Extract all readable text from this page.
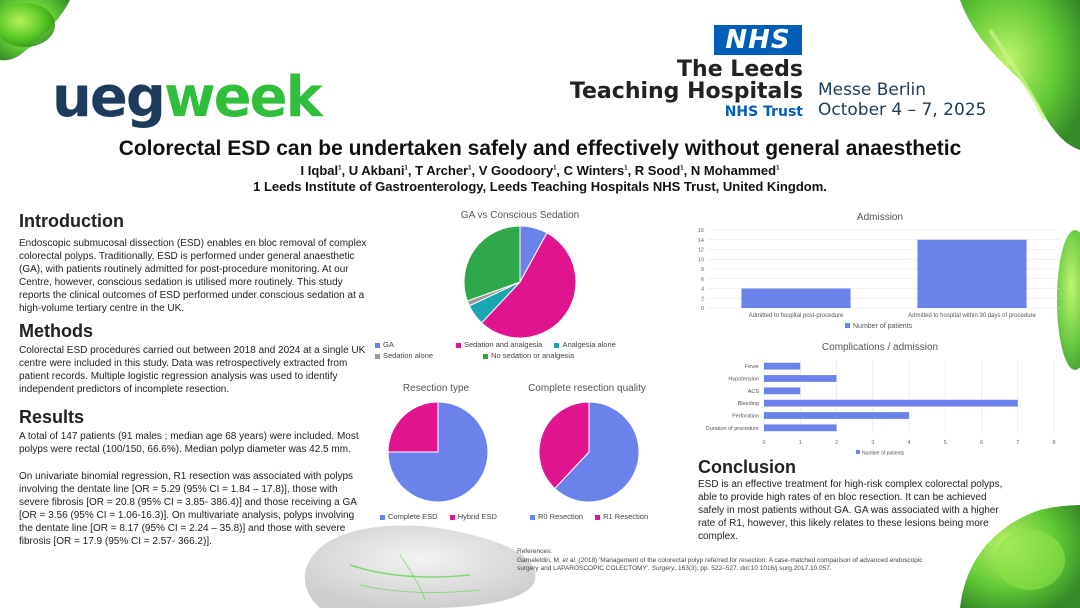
uegweek
NHS
The Leeds
Teaching Hospitals
NHS Trust
Messe Berlin
October 4 – 7, 2025
Colorectal ESD can be undertaken safely and effectively without general anaesthetic
I Iqbal$^1$, U Akbani$^1$, T Archer$^1$, V Goodoory$^1$, C Winters$^1$, R Sood$^1$, N Mohammed$^1$
1 Leeds Institute of Gastroenterology, Leeds Teaching Hospitals NHS Trust, United Kingdom.
Introduction
Endoscopic submucosal dissection (ESD) enables en bloc removal of complex colorectal polyps. Traditionally, ESD is performed under general anaesthetic (GA), with patients routinely admitted for post-procedure monitoring. At our Centre, however, conscious sedation is utilised more routinely. This study reports the clinical outcomes of ESD performed under conscious sedation at a high-volume tertiary centre in the UK.
Methods
Colorectal ESD procedures carried out between 2018 and 2024 at a single UK centre were included in this study. Data was retrospectively extracted from patient records. Multiple logistic regression analysis was used to identify independent predictors of incomplete resection.
Results
A total of 147 patients (91 males ; median age 68 years) were included. Most polyps were rectal (100/150, 66.6%). Median polyp diameter was 42.5 mm.
On univariate binomial regression, R1 resection was associated with polyps involving the dentate line [OR = 5.29 (95% CI = 1.84 – 17.8)], those with severe fibrosis [OR = 20.8 (95% CI = 3.85- 386.4)] and those receiving a GA [OR = 3.56 (95% CI = 1.06-16.3)]. On multivariate analysis, polyps involving the dentate line [OR = 8.17 (95% CI = 2.24 – 35.8)] and those with severe fibrosis [OR = 17.9 (95% CI = 2.57- 366.2)].
Conclusion
ESD is an effective treatment for high-risk complex colorectal polyps, able to provide high rates of en bloc resection. It can be achieved safely in most patients without GA. GA was associated with a higher rate of R1, however, this likely relates to these lesions being more complex.
References:
Gamaleldin, M. et al. (2018) 'Management of the colorectal polyp referred for resection: A case-matched comparison of advanced endoscopic
surgery and LAPAROSCOPIC COLECTOMY'. Surgery, 163(3), pp. 522–527. doi:10.1016/j.surg.2017.10.057.
GA vs Conscious Sedation
GA	Sedation and analgesia	Analgesia alone
Sedation alone	No sedation or analgesia
Resection type
Complete ESD	Hybrid ESD
Complete resection quality
R0 Resection	R1 Resection
Admission
0
2
4
6
8
10
12
14
16
Admitted to hospital post-procedure	Admitted to hospital within 30 days of procedure
Number of patients
Complications / admission
0	1	2	3	4	5	6	7	8
Fever
Hypotension
ACS
Bleeding
Perforation
Duration of procedure
Number of patients
